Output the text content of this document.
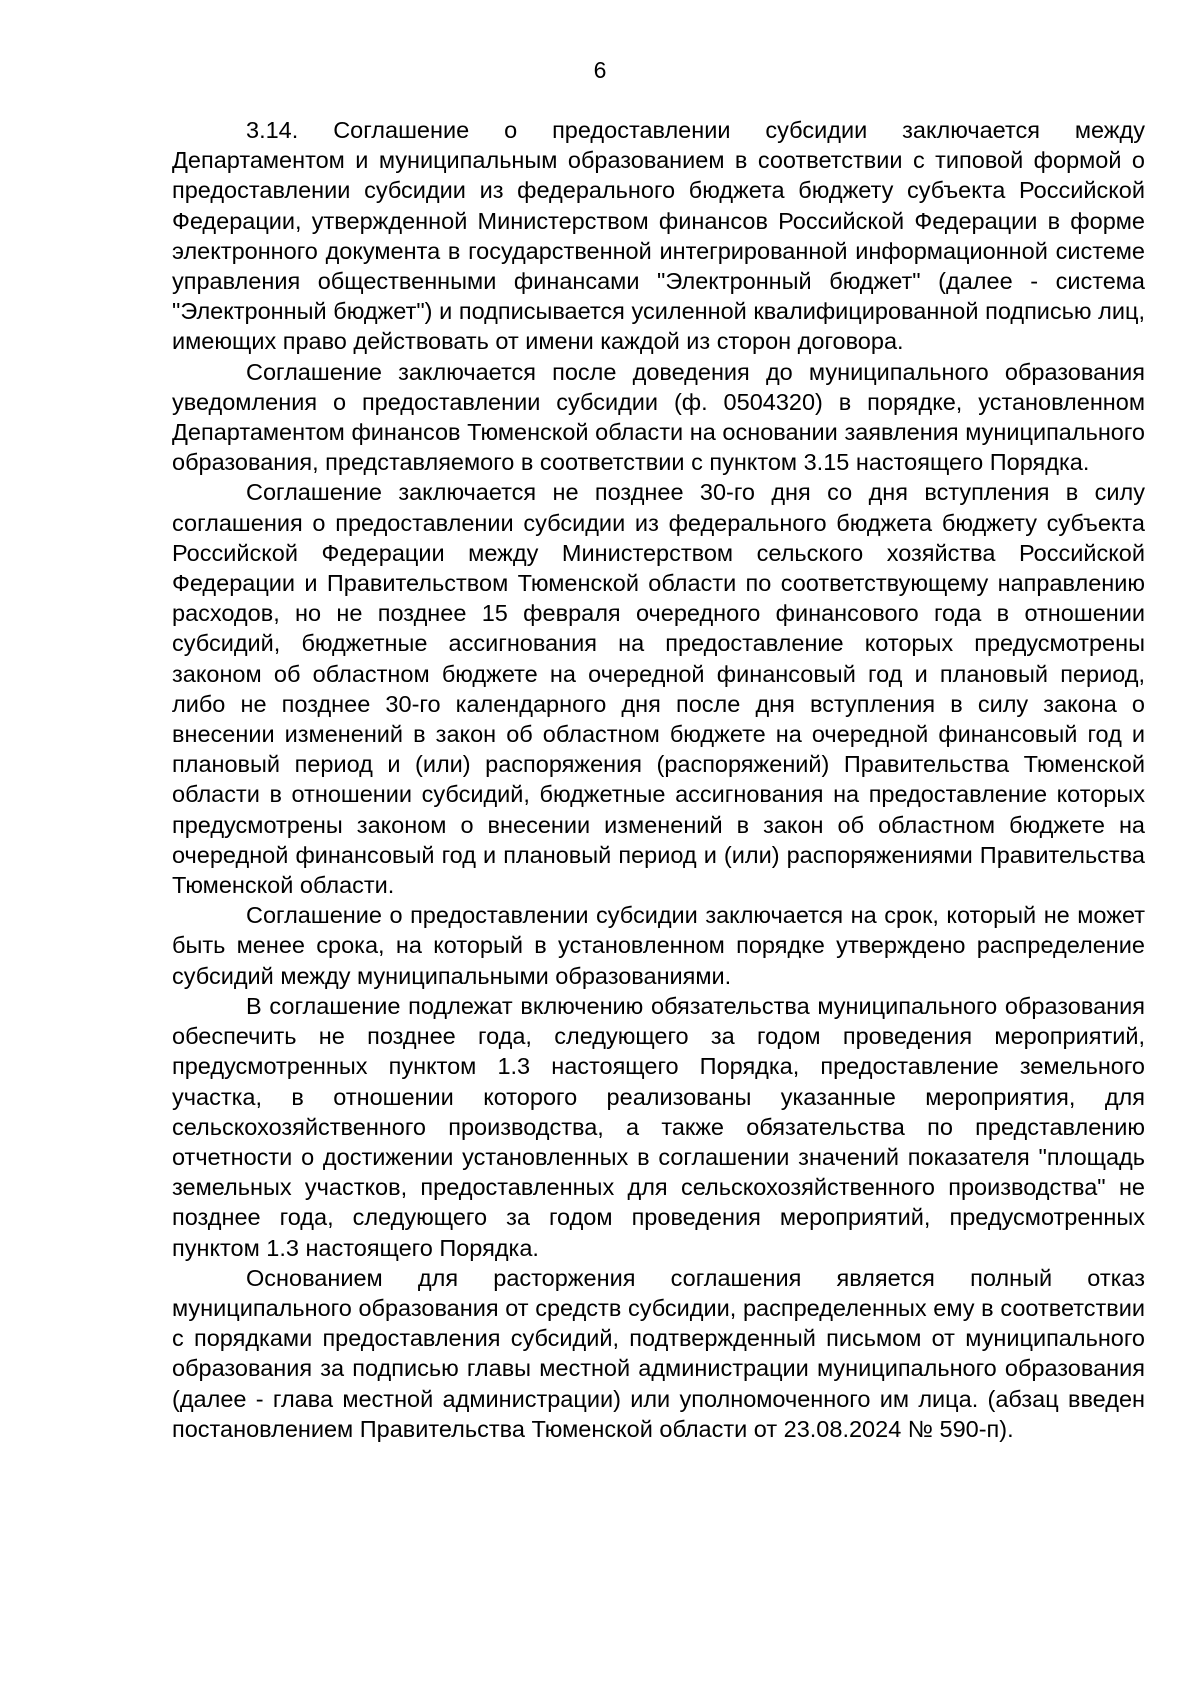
6

3.14. Соглашение о предоставлении субсидии заключается между Департаментом и муниципальным образованием в соответствии с типовой формой о предоставлении субсидии из федерального бюджета бюджету субъекта Российской Федерации, утвержденной Министерством финансов Российской Федерации в форме электронного документа в государственной интегрированной информационной системе управления общественными финансами "Электронный бюджет" (далее - система "Электронный бюджет") и подписывается усиленной квалифицированной подписью лиц, имеющих право действовать от имени каждой из сторон договора.

Соглашение заключается после доведения до муниципального образования уведомления о предоставлении субсидии (ф. 0504320) в порядке, установленном Департаментом финансов Тюменской области на основании заявления муниципального образования, представляемого в соответствии с пунктом 3.15 настоящего Порядка.

Соглашение заключается не позднее 30-го дня со дня вступления в силу соглашения о предоставлении субсидии из федерального бюджета бюджету субъекта Российской Федерации между Министерством сельского хозяйства Российской Федерации и Правительством Тюменской области по соответствующему направлению расходов, но не позднее 15 февраля очередного финансового года в отношении субсидий, бюджетные ассигнования на предоставление которых предусмотрены законом об областном бюджете на очередной финансовый год и плановый период, либо не позднее 30-го календарного дня после дня вступления в силу закона о внесении изменений в закон об областном бюджете на очередной финансовый год и плановый период и (или) распоряжения (распоряжений) Правительства Тюменской области в отношении субсидий, бюджетные ассигнования на предоставление которых предусмотрены законом о внесении изменений в закон об областном бюджете на очередной финансовый год и плановый период и (или) распоряжениями Правительства Тюменской области.

Соглашение о предоставлении субсидии заключается на срок, который не может быть менее срока, на который в установленном порядке утверждено распределение субсидий между муниципальными образованиями.

В соглашение подлежат включению обязательства муниципального образования обеспечить не позднее года, следующего за годом проведения мероприятий, предусмотренных пунктом 1.3 настоящего Порядка, предоставление земельного участка, в отношении которого реализованы указанные мероприятия, для сельскохозяйственного производства, а также обязательства по представлению отчетности о достижении установленных в соглашении значений показателя "площадь земельных участков, предоставленных для сельскохозяйственного производства" не позднее года, следующего за годом проведения мероприятий, предусмотренных пунктом 1.3 настоящего Порядка.

Основанием для расторжения соглашения является полный отказ муниципального образования от средств субсидии, распределенных ему в соответствии с порядками предоставления субсидий, подтвержденный письмом от муниципального образования за подписью главы местной администрации муниципального образования (далее - глава местной администрации) или уполномоченного им лица. (абзац введен постановлением Правительства Тюменской области от 23.08.2024 № 590-п).
